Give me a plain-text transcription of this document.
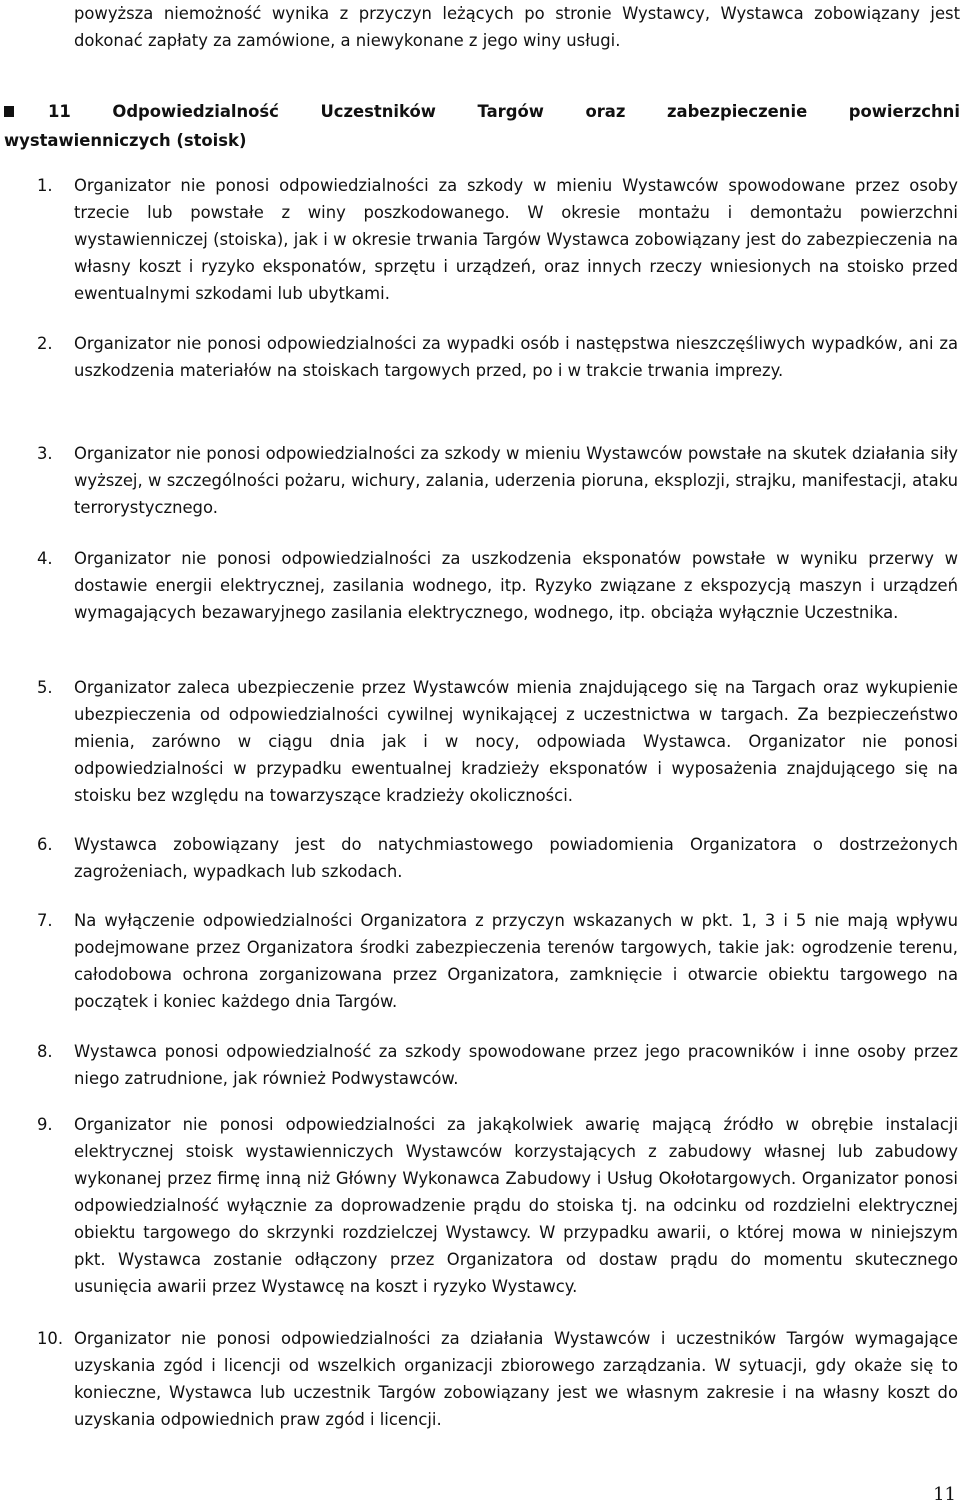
powyższa niemożność wynika z przyczyn leżących po stronie Wystawcy, Wystawca zobowiązany jest dokonać zapłaty za zamówione, a niewykonane z jego winy usługi.

11	Odpowiedzialność	Uczestników	Targów	oraz	zabezpieczenie	powierzchni
wystawienniczych (stoisk)
1. Organizator nie ponosi odpowiedzialności za szkody w mieniu Wystawców spowodowane przez osoby trzecie lub powstałe z winy poszkodowanego. W okresie montażu i demontażu powierzchni wystawienniczej (stoiska), jak i w okresie trwania Targów Wystawca zobowiązany jest do zabezpieczenia na własny koszt i ryzyko eksponatów, sprzętu i urządzeń, oraz innych rzeczy wniesionych na stoisko przed ewentualnymi szkodami lub ubytkami.

2. Organizator nie ponosi odpowiedzialności za wypadki osób i następstwa nieszczęśliwych wypadków, ani za uszkodzenia materiałów na stoiskach targowych przed, po i w trakcie trwania imprezy.

3. Organizator nie ponosi odpowiedzialności za szkody w mieniu Wystawców powstałe na skutek działania siły wyższej, w szczególności pożaru, wichury, zalania, uderzenia pioruna, eksplozji, strajku, manifestacji, ataku terrorystycznego.

4. Organizator nie ponosi odpowiedzialności za uszkodzenia eksponatów powstałe w wyniku przerwy w dostawie energii elektrycznej, zasilania wodnego, itp. Ryzyko związane z ekspozycją maszyn i urządzeń wymagających bezawaryjnego zasilania elektrycznego, wodnego, itp. obciąża wyłącznie Uczestnika.

5. Organizator zaleca ubezpieczenie przez Wystawców mienia znajdującego się na Targach oraz wykupienie ubezpieczenia od odpowiedzialności cywilnej wynikającej z uczestnictwa w targach. Za bezpieczeństwo mienia, zarówno w ciągu dnia jak i w nocy, odpowiada Wystawca. Organizator nie ponosi odpowiedzialności w przypadku ewentualnej kradzieży eksponatów i wyposażenia znajdującego się na stoisku bez względu na towarzyszące kradzieży okoliczności.

6. Wystawca zobowiązany jest do natychmiastowego powiadomienia Organizatora o dostrzeżonych zagrożeniach, wypadkach lub szkodach.

7. Na wyłączenie odpowiedzialności Organizatora z przyczyn wskazanych w pkt. 1, 3 i 5 nie mają wpływu podejmowane przez Organizatora środki zabezpieczenia terenów targowych, takie jak: ogrodzenie terenu, całodobowa ochrona zorganizowana przez Organizatora, zamknięcie i otwarcie obiektu targowego na początek i koniec każdego dnia Targów.

8. Wystawca ponosi odpowiedzialność za szkody spowodowane przez jego pracowników i inne osoby przez niego zatrudnione, jak również Podwystawców.

9. Organizator nie ponosi odpowiedzialności za jakąkolwiek awarię mającą źródło w obrębie instalacji elektrycznej stoisk wystawienniczych Wystawców korzystających z zabudowy własnej lub zabudowy wykonanej przez firmę inną niż Główny Wykonawca Zabudowy i Usług Okołotargowych. Organizator ponosi odpowiedzialność wyłącznie za doprowadzenie prądu do stoiska tj. na odcinku od rozdzielni elektrycznej obiektu targowego do skrzynki rozdzielczej Wystawcy. W przypadku awarii, o której mowa w niniejszym pkt. Wystawca zostanie odłączony przez Organizatora od dostaw prądu do momentu skutecznego usunięcia awarii przez Wystawcę na koszt i ryzyko Wystawcy.

10. Organizator nie ponosi odpowiedzialności za działania Wystawców i uczestników Targów wymagające uzyskania zgód i licencji od wszelkich organizacji zbiorowego zarządzania. W sytuacji, gdy okaże się to konieczne, Wystawca lub uczestnik Targów zobowiązany jest we własnym zakresie i na własny koszt do uzyskania odpowiednich praw zgód i licencji.

11
